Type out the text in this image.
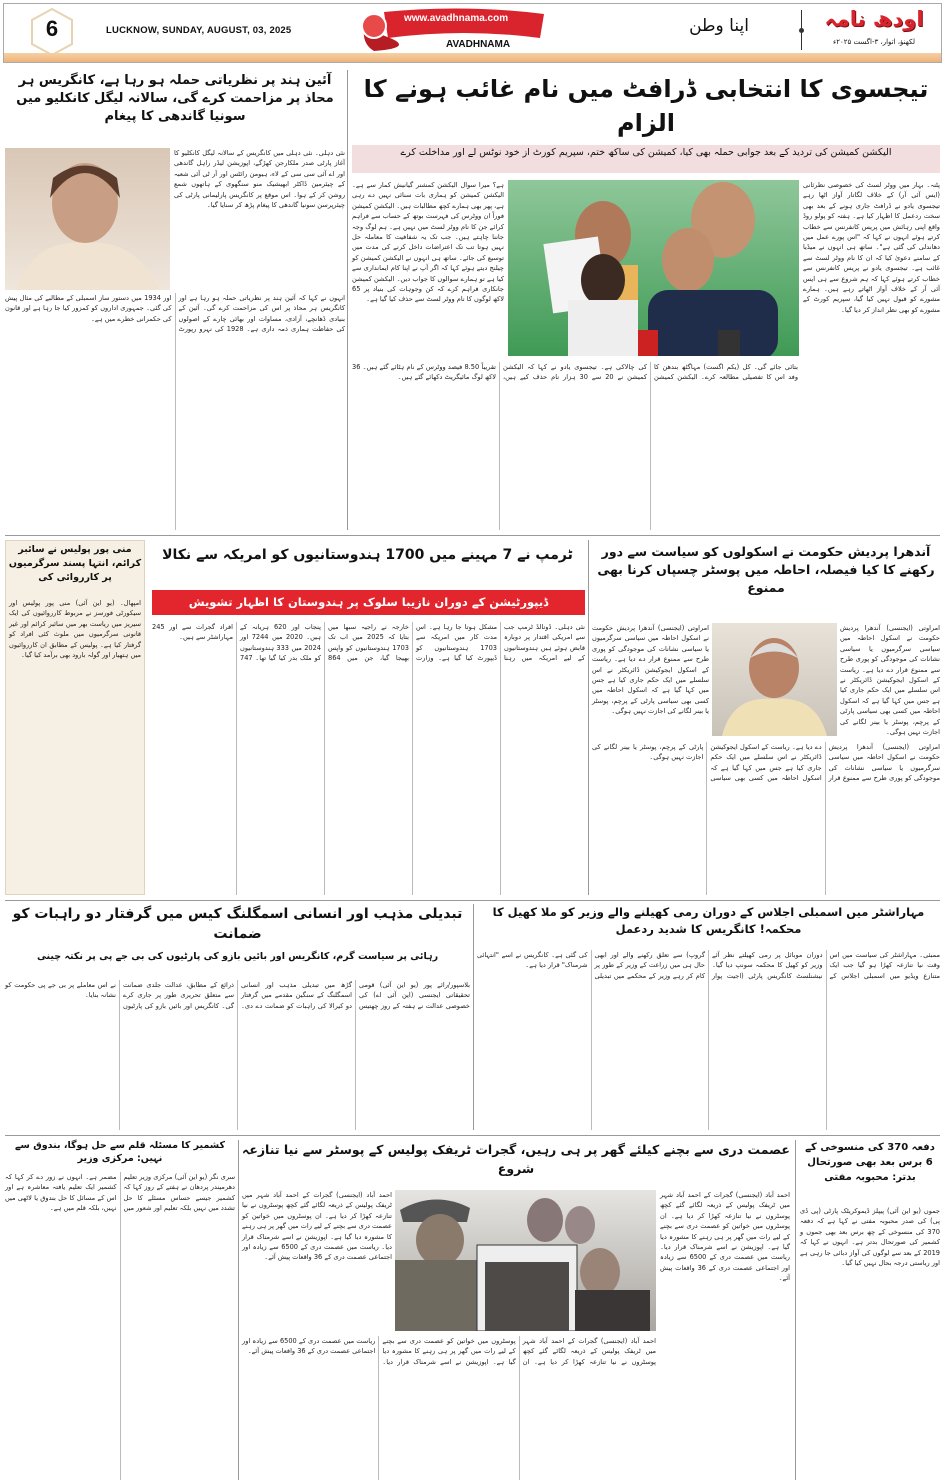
6	LUCKNOW, SUNDAY, AUGUST, 03, 2025
www.avadhnama.com
AVADHNAMA
اپنا وطن	اودھ نامہ
لکھنؤ، اتوار، ۳-اگست ۲۰۲۵ء
تیجسوی کا انتخابی ڈرافٹ میں نام غائب ہونے کا الزام
الیکشن کمیشن کی تردید کے بعد جوابی حملہ بھی کیا، کمیشن کی ساکھ ختم، سپریم کورٹ از خود نوٹس لے اور مداخلت کرے
پٹنہ۔ بہار میں ووٹر لسٹ کی خصوصی نظرثانی (ایس آئی آر) کے خلاف لگاتار آواز اٹھا رہے تیجسوی یادو نے ڈرافٹ جاری ہونے کے بعد بھی سخت ردعمل کا اظہار کیا ہے۔ ہفتہ کو پولو روڈ واقع اپنی رہائش میں پریس کانفرنس سے خطاب کرتے ہوئے انہوں نے کہا کہ "اس پورے عمل میں دھاندلی کی گئی ہے"۔ ساتھ ہی انہوں نے میڈیا کے سامنے دعویٰ کیا کہ ان کا نام ووٹر لسٹ سے غائب ہے۔ تیجسوی یادو نے پریس کانفرنس سے خطاب کرتے ہوئے کہا کہ ہم شروع سے ہی ایس آئی آر کے خلاف آواز اٹھاتے رہے ہیں۔ ہمارے مشورے کو قبول نہیں کیا گیا، سپریم کورٹ کے مشورے کو بھی نظر انداز کر دیا گیا۔
ہے؟ میرا سوال الیکشن کمشنر گیانیش کمار سے ہے۔ الیکشن کمیشن کو ہماری بات سنائی نہیں دے رہی ہے، پھر بھی ہمارے کچھ مطالبات ہیں۔ الیکشن کمیشن فوراً ان ووٹرس کی فہرست بوتھ کے حساب سے فراہم کرائے جن کا نام ووٹر لسٹ میں نہیں ہے۔ ہم لوگ وجہ جاننا چاہتے ہیں۔ جب تک یہ شفافیت کا معاملہ حل نہیں ہوتا تب تک اعتراضات داخل کرنے کی مدت میں توسیع کی جائے۔ ساتھ ہی انہوں نے الیکشن کمیشن کو چیلنج دیتے ہوئے کہا کہ اگر آپ نے اپنا کام ایمانداری سے کیا ہے تو ہمارے سوالوں کا جواب دیں۔ الیکشن کمیشن جانکاری فراہم کرے کہ کن وجوہات کی بنیاد پر 65 لاکھ لوگوں کا نام ووٹر لسٹ سے حذف کیا گیا ہے۔
بتائی جائے گی۔ کل (یکم اگست) مہاگٹھ بندھن کا وفد اس کا تفصیلی مطالعہ کرے۔ الیکشن کمیشن کی چالاکی ہے۔ تیجسوی یادو نے کہا کہ الیکشن کمیشن نے 20 سے 30 ہزار نام حذف کیے ہیں، تقریباً 8.50 فیصد ووٹرس کے نام ہٹائے گئے ہیں۔ 36 لاکھ لوگ مائیگریٹ دکھائے گئے ہیں۔
آئین ہند پر نظریاتی حملہ ہو رہا ہے، کانگریس ہر محاذ پر مزاحمت کرے گی، سالانہ لیگل کانکلیو میں سونیا گاندھی کا پیغام
نئی دہلی۔ نئی دہلی میں کانگریس کے سالانہ لیگل کانکلیو کا آغاز پارٹی صدر ملکارجن کھڑگے، اپوزیشن لیڈر راہل گاندھی اور اے آئی سی سی کے لاء، ہیومن رائٹس اور آر ٹی آئی شعبہ کے چیئرمین ڈاکٹر ابھیشیک منو سنگھوی کے ہاتھوں شمع روشن کر کے ہوا۔ اس موقع پر کانگریس پارلیمانی پارٹی کی چیئرپرسن سونیا گاندھی کا پیغام پڑھ کر سنایا گیا۔
انہوں نے کہا کہ آئین ہند پر نظریاتی حملہ ہو رہا ہے اور کانگریس ہر محاذ پر اس کی مزاحمت کرے گی۔ آئین کے بنیادی ڈھانچے، آزادی، مساوات اور بھائی چارے کے اصولوں کی حفاظت ہماری ذمہ داری ہے۔ 1928 کی نہرو رپورٹ اور 1934 میں دستور ساز اسمبلی کے مطالبے کی مثال پیش کی گئی۔ جمہوری اداروں کو کمزور کیا جا رہا ہے اور قانون کی حکمرانی خطرے میں ہے۔
منی پور پولیس نے سائبر کرائم، انتہا پسند سرگرمیوں پر کارروائی کی
امپھال۔ (یو این آئی) منی پور پولیس اور سیکورٹی فورسز نے مربوط کارروائیوں کی ایک سیریز میں ریاست بھر میں سائبر کرائم اور غیر قانونی سرگرمیوں میں ملوث کئی افراد کو گرفتار کیا ہے۔ پولیس کے مطابق ان کارروائیوں میں ہتھیار اور گولہ بارود بھی برآمد کیا گیا۔
ٹرمپ نے 7 مہینے میں 1700 ہندوستانیوں کو امریکہ سے نکالا
ڈیپورٹیشن کے دوران نازیبا سلوک پر ہندوستان کا اظہار تشویش
نئی دہلی۔ ڈونالڈ ٹرمپ جب سے امریکی اقتدار پر دوبارہ قابض ہوئے ہیں ہندوستانیوں کے لیے امریکہ میں رہنا مشکل ہوتا جا رہا ہے۔ اس مدت کار میں امریکہ سے 1703 ہندوستانیوں کو ڈیپورٹ کیا گیا ہے۔ وزارت خارجہ نے راجیہ سبھا میں بتایا کہ 2025 میں اب تک 1703 ہندوستانیوں کو واپس بھیجا گیا، جن میں 864 پنجاب اور 620 ہریانہ کے ہیں۔ 2020 میں 7244 اور 2024 میں 333 ہندوستانیوں کو ملک بدر کیا گیا تھا۔ 747 افراد گجرات سے اور 245 مہاراشٹر سے ہیں۔
آندھرا پردیش حکومت نے اسکولوں کو سیاست سے دور رکھنے کا کیا فیصلہ، احاطہ میں پوسٹر چسپاں کرنا بھی ممنوع
امراوتی (ایجنسی) آندھرا پردیش حکومت نے اسکول احاطہ میں سیاسی سرگرمیوں یا سیاسی نشانات کی موجودگی کو پوری طرح سے ممنوع قرار دے دیا ہے۔ ریاست کے اسکول ایجوکیشن ڈائریکٹر نے اس سلسلے میں ایک حکم جاری کیا ہے جس میں کہا گیا ہے کہ اسکول احاطہ میں کسی بھی سیاسی پارٹی کے پرچم، پوسٹر یا بینر لگانے کی اجازت نہیں ہوگی۔
امراوتی (ایجنسی) آندھرا پردیش حکومت نے اسکول احاطہ میں سیاسی سرگرمیوں یا سیاسی نشانات کی موجودگی کو پوری طرح سے ممنوع قرار دے دیا ہے۔ ریاست کے اسکول ایجوکیشن ڈائریکٹر نے اس سلسلے میں ایک حکم جاری کیا ہے جس میں کہا گیا ہے کہ اسکول احاطہ میں کسی بھی سیاسی پارٹی کے پرچم، پوسٹر یا بینر لگانے کی اجازت نہیں ہوگی۔
امراوتی (ایجنسی) آندھرا پردیش حکومت نے اسکول احاطہ میں سیاسی سرگرمیوں یا سیاسی نشانات کی موجودگی کو پوری طرح سے ممنوع قرار دے دیا ہے۔ ریاست کے اسکول ایجوکیشن ڈائریکٹر نے اس سلسلے میں ایک حکم جاری کیا ہے جس میں کہا گیا ہے کہ اسکول احاطہ میں کسی بھی سیاسی پارٹی کے پرچم، پوسٹر یا بینر لگانے کی اجازت نہیں ہوگی۔
تبدیلی مذہب اور انسانی اسمگلنگ کیس میں گرفتار دو راہبات کو ضمانت
رہائی پر سیاست گرم، کانگریس اور بائیں بازو کی پارٹیوں کی بی جے پی پر نکتہ چینی
بلاسپور/رائے پور (یو این آئی) قومی تحقیقاتی ایجنسی (این آئی اے) کی خصوصی عدالت نے ہفتہ کے روز چھتیس گڑھ میں تبدیلی مذہب اور انسانی اسمگلنگ کے سنگین مقدمے میں گرفتار دو کیرالا کی راہبات کو ضمانت دے دی۔ ذرائع کے مطابق، عدالت جلدی ضمانت سے متعلق تحریری طور پر جاری کرے گی۔ کانگریس اور بائیں بازو کی پارٹیوں نے اس معاملے پر بی جے پی حکومت کو نشانہ بنایا۔
مہاراشٹر میں اسمبلی اجلاس کے دوران رمی کھیلنے والے وزیر کو ملا کھیل کا محکمہ! کانگریس کا شدید ردعمل
ممبئی۔ مہاراشٹر کی سیاست میں اس وقت نیا تنازعہ کھڑا ہو گیا جب ایک متنازع ویڈیو میں اسمبلی اجلاس کے دوران موبائل پر رمی کھیلتے نظر آئے وزیر کو کھیل کا محکمہ سونپ دیا گیا۔ نیشنلسٹ کانگریس پارٹی (اجیت پوار گروپ) سے تعلق رکھنے والے اور ابھی حال ہی میں زراعت کے وزیر کے طور پر کام کر رہے وزیر کے محکمے میں تبدیلی کی گئی ہے۔ کانگریس نے اسے "انتہائی شرمناک" قرار دیا ہے۔
کشمیر کا مسئلہ قلم سے حل ہوگا، بندوق سے نہیں: مرکزی وزیر
سری نگر (یو این آئی) مرکزی وزیر تعلیم دھرمیندر پردھان نے ہفتے کے روز کہا کہ کشمیر جیسے حساس مسئلے کا حل تشدد میں نہیں بلکہ تعلیم اور شعور میں مضمر ہے۔ انہوں نے زور دے کر کہا کہ کشمیر ایک تعلیم یافتہ معاشرہ ہے اور اس کے مسائل کا حل بندوق یا لاٹھی میں نہیں، بلکہ قلم میں ہے۔
عصمت دری سے بچنے کیلئے گھر پر ہی رہیں، گجرات ٹریفک پولیس کے پوسٹر سے نیا تنازعہ شروع
احمد آباد (ایجنسی) گجرات کے احمد آباد شہر میں ٹریفک پولیس کے ذریعہ لگائے گئے کچھ پوسٹروں نے نیا تنازعہ کھڑا کر دیا ہے۔ ان پوسٹروں میں خواتین کو عصمت دری سے بچنے کے لیے رات میں گھر پر ہی رہنے کا مشورہ دیا گیا ہے۔ اپوزیشن نے اسے شرمناک قرار دیا۔ ریاست میں عصمت دری کے 6500 سے زیادہ اور اجتماعی عصمت دری کے 36 واقعات پیش آئے۔
احمد آباد (ایجنسی) گجرات کے احمد آباد شہر میں ٹریفک پولیس کے ذریعہ لگائے گئے کچھ پوسٹروں نے نیا تنازعہ کھڑا کر دیا ہے۔ ان پوسٹروں میں خواتین کو عصمت دری سے بچنے کے لیے رات میں گھر پر ہی رہنے کا مشورہ دیا گیا ہے۔ اپوزیشن نے اسے شرمناک قرار دیا۔ ریاست میں عصمت دری کے 6500 سے زیادہ اور اجتماعی عصمت دری کے 36 واقعات پیش آئے۔
احمد آباد (ایجنسی) گجرات کے احمد آباد شہر میں ٹریفک پولیس کے ذریعہ لگائے گئے کچھ پوسٹروں نے نیا تنازعہ کھڑا کر دیا ہے۔ ان پوسٹروں میں خواتین کو عصمت دری سے بچنے کے لیے رات میں گھر پر ہی رہنے کا مشورہ دیا گیا ہے۔ اپوزیشن نے اسے شرمناک قرار دیا۔ ریاست میں عصمت دری کے 6500 سے زیادہ اور اجتماعی عصمت دری کے 36 واقعات پیش آئے۔
دفعہ 370 کی منسوخی کے 6 برس بعد بھی صورتحال بدتر: محبوبہ مفتی
جموں (یو این آئی) پیپلز ڈیموکریٹک پارٹی (پی ڈی پی) کی صدر محبوبہ مفتی نے کہا ہے کہ دفعہ 370 کی منسوخی کے چھ برس بعد بھی جموں و کشمیر کی صورتحال بدتر ہے۔ انہوں نے کہا کہ 2019 کے بعد سے لوگوں کی آواز دبائی جا رہی ہے اور ریاستی درجہ بحال نہیں کیا گیا۔
